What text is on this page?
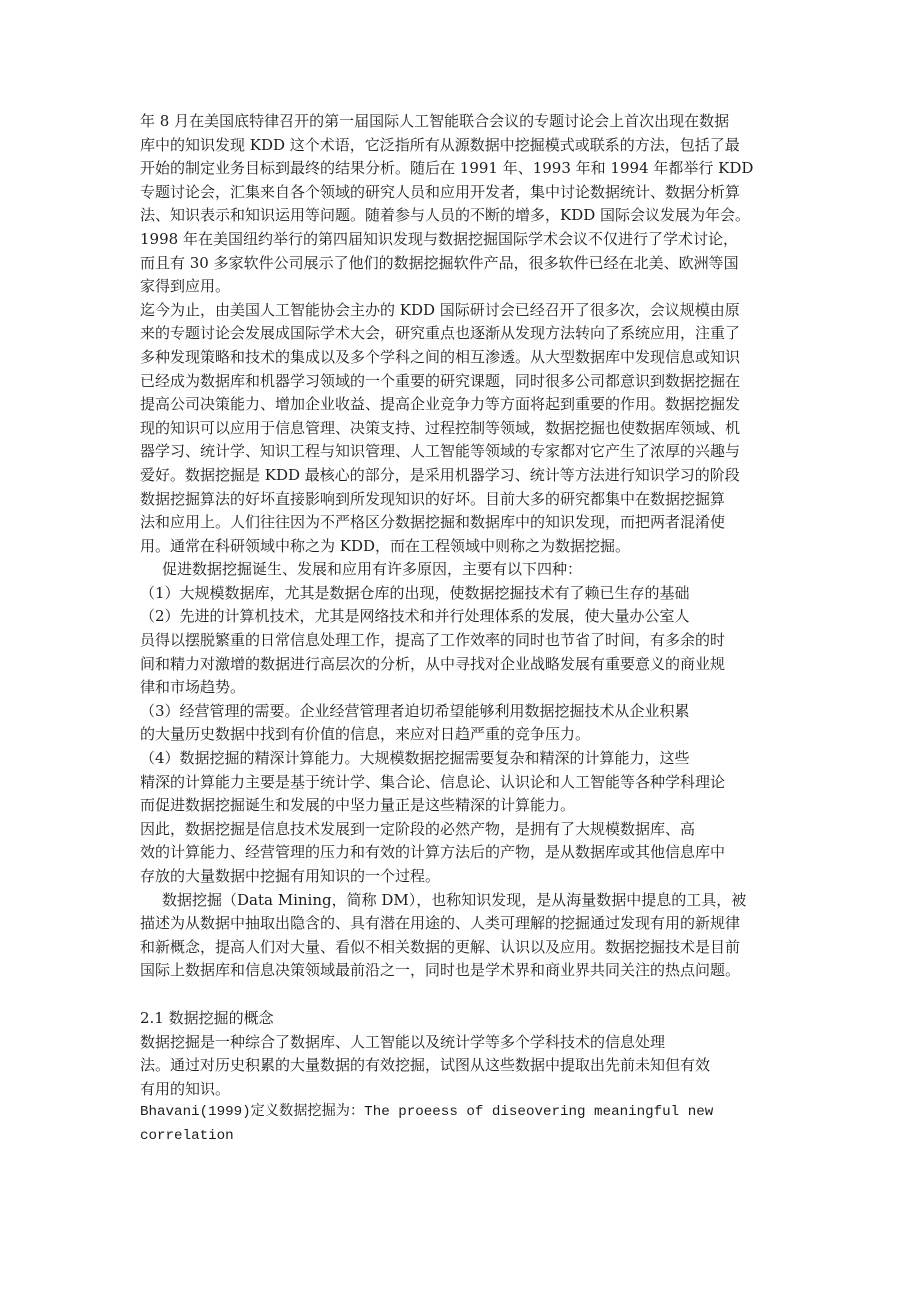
年 8 月在美国底特律召开的第一届国际人工智能联合会议的专题讨论会上首次出现在数据
库中的知识发现 KDD 这个术语，它泛指所有从源数据中挖掘模式或联系的方法，包括了最
开始的制定业务目标到最终的结果分析。随后在 1991 年、1993 年和 1994 年都举行 KDD
专题讨论会，汇集来自各个领域的研究人员和应用开发者，集中讨论数据统计、数据分析算
法、知识表示和知识运用等问题。随着参与人员的不断的增多，KDD 国际会议发展为年会。
1998 年在美国纽约举行的第四届知识发现与数据挖掘国际学术会议不仅进行了学术讨论，
而且有 30 多家软件公司展示了他们的数据挖掘软件产品，很多软件已经在北美、欧洲等国
家得到应用。
迄今为止，由美国人工智能协会主办的 KDD 国际研讨会已经召开了很多次，会议规模由原
来的专题讨论会发展成国际学术大会，研究重点也逐渐从发现方法转向了系统应用，注重了
多种发现策略和技术的集成以及多个学科之间的相互渗透。从大型数据库中发现信息或知识
已经成为数据库和机器学习领域的一个重要的研究课题，同时很多公司都意识到数据挖掘在
提高公司决策能力、增加企业收益、提高企业竞争力等方面将起到重要的作用。数据挖掘发
现的知识可以应用于信息管理、决策支持、过程控制等领域，数据挖掘也使数据库领域、机
器学习、统计学、知识工程与知识管理、人工智能等领域的专家都对它产生了浓厚的兴趣与
爱好。数据挖掘是 KDD 最核心的部分，是采用机器学习、统计等方法进行知识学习的阶段
数据挖掘算法的好坏直接影响到所发现知识的好坏。目前大多的研究都集中在数据挖掘算
法和应用上。人们往往因为不严格区分数据挖掘和数据库中的知识发现，而把两者混淆使
用。通常在科研领域中称之为 KDD，而在工程领域中则称之为数据挖掘。
促进数据挖掘诞生、发展和应用有许多原因，主要有以下四种：
（1）大规模数据库，尤其是数据仓库的出现，使数据挖掘技术有了赖已生存的基础
（2）先进的计算机技术，尤其是网络技术和并行处理体系的发展，使大量办公室人
员得以摆脱繁重的日常信息处理工作，提高了工作效率的同时也节省了时间，有多余的时
间和精力对激增的数据进行高层次的分析，从中寻找对企业战略发展有重要意义的商业规
律和市场趋势。
（3）经营管理的需要。企业经营管理者迫切希望能够利用数据挖掘技术从企业积累
的大量历史数据中找到有价值的信息，来应对日趋严重的竞争压力。
（4）数据挖掘的精深计算能力。大规模数据挖掘需要复杂和精深的计算能力，这些
精深的计算能力主要是基于统计学、集合论、信息论、认识论和人工智能等各种学科理论
而促进数据挖掘诞生和发展的中坚力量正是这些精深的计算能力。
因此，数据挖掘是信息技术发展到一定阶段的必然产物，是拥有了大规模数据库、高
效的计算能力、经营管理的压力和有效的计算方法后的产物，是从数据库或其他信息库中
存放的大量数据中挖掘有用知识的一个过程。
数据挖掘（Data Mining，简称 DM），也称知识发现，是从海量数据中提息的工具，被
描述为从数据中抽取出隐含的、具有潜在用途的、人类可理解的挖掘通过发现有用的新规律
和新概念，提高人们对大量、看似不相关数据的更解、认识以及应用。数据挖掘技术是目前
国际上数据库和信息决策领域最前沿之一，同时也是学术界和商业界共同关注的热点问题。
2.1 数据挖掘的概念
数据挖掘是一种综合了数据库、人工智能以及统计学等多个学科技术的信息处理
法。通过对历史积累的大量数据的有效挖掘，试图从这些数据中提取出先前未知但有效
有用的知识。
Bhavani(1999)定义数据挖掘为：The proeess of diseovering meaningful new
correlation
